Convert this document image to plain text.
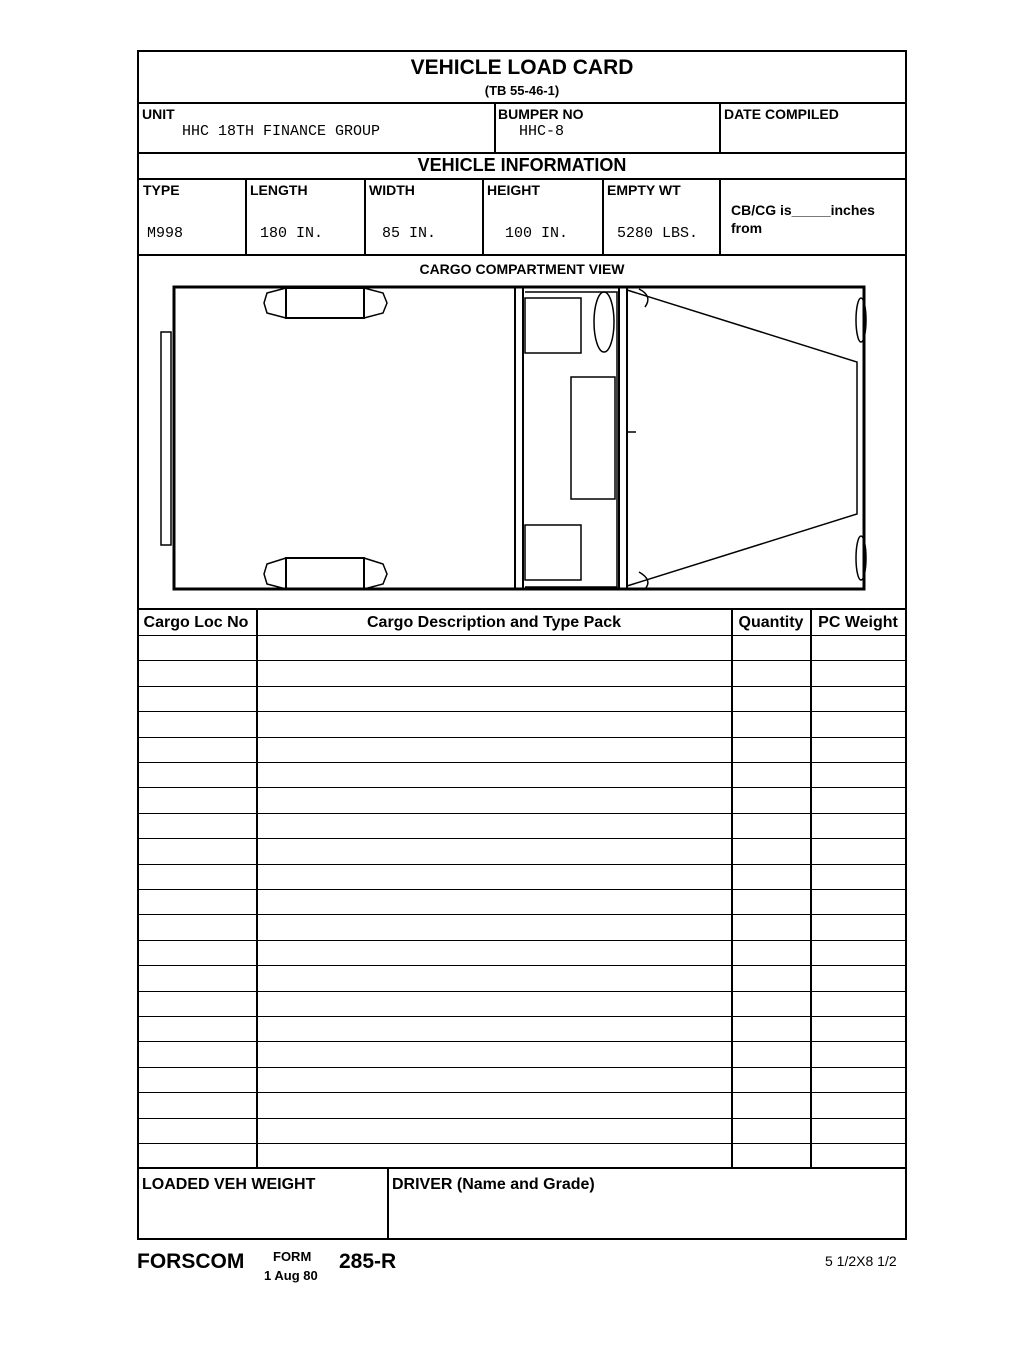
VEHICLE LOAD CARD
(TB 55-46-1)
UNIT
HHC 18TH FINANCE GROUP
BUMPER NO
HHC-8
DATE COMPILED
VEHICLE INFORMATION
TYPE
M998
LENGTH
180 IN.
WIDTH
85 IN.
HEIGHT
100 IN.
EMPTY WT
5280 LBS.
CB/CG is_____inches
from
CARGO COMPARTMENT VIEW
Cargo Loc No	Cargo Description and Type Pack	Quantity PC Weight
LOADED VEH WEIGHT	DRIVER (Name and Grade)
FORSCOM FORM
1 Aug 80
285-R	5 1/2X8 1/2
